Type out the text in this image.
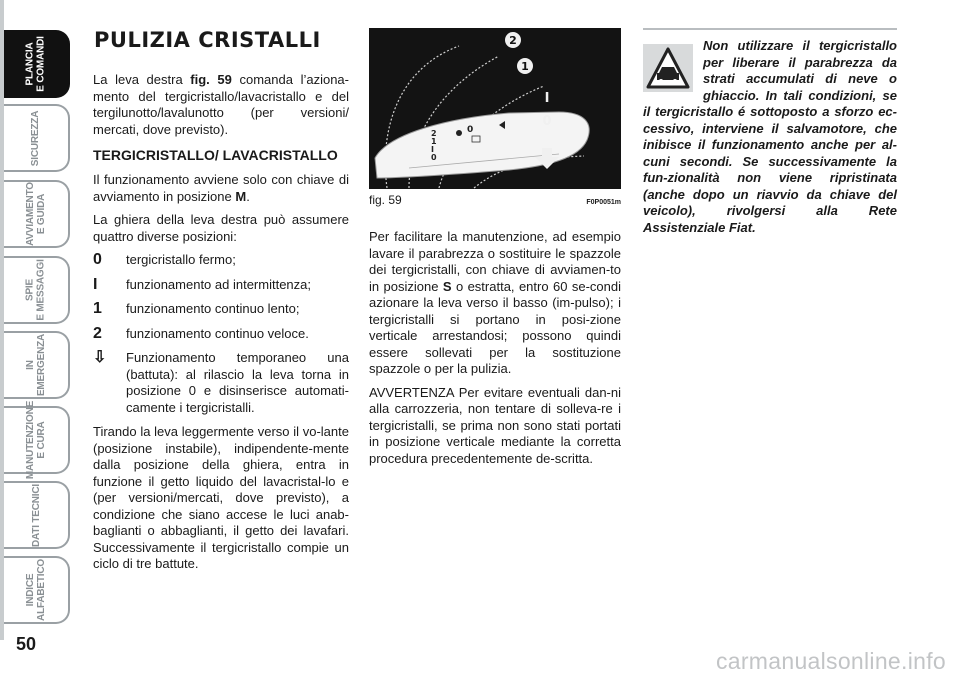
PLANCIA
E COMANDI
SICUREZZA
AVVIAMENTO
E GUIDA
SPIE
E MESSAGGI
IN
EMERGENZA
MANUTENZIONE
E CURA
DATI TECNICI
INDICE
ALFABETICO
50
PULIZIA CRISTALLI

La leva destra fig. 59 comanda l’aziona-mento del tergicristallo/lavacristallo e del tergilunotto/lavalunotto (per versioni/ mercati, dove previsto).

TERGICRISTALLO/ LAVACRISTALLO

Il funzionamento avviene solo con chiave di avviamento in posizione M.

La ghiera della leva destra può assumere quattro diverse posizioni:

0	tergicristallo fermo;
I	funzionamento ad intermittenza;
1	funzionamento continuo lento;
2	funzionamento continuo veloce.
⇩	Funzionamento temporaneo una (battuta): al rilascio la leva torna in posizione 0 e disinserisce automati-camente i tergicristalli.

Tirando la leva leggermente verso il vo-lante (posizione instabile), indipendente-mente dalla posizione della ghiera, entra in funzione il getto liquido del lavacristal-lo e (per versioni/mercati, dove previsto), a condizione che siano accese le luci anab-baglianti o abbaglianti, il getto dei lavafari. Successivamente il tergicristallo compie un ciclo di tre battute.

2
1
I
0
0
2
1
I
0
fig. 59	F0P0051m

Per facilitare la manutenzione, ad esempio lavare il parabrezza o sostituire le spazzole dei tergicristalli, con chiave di avviamen-to in posizione S o estratta, entro 60 se-condi azionare la leva verso il basso (im-pulso); i tergicristalli si portano in posi-zione verticale arrestandosi; possono quindi essere sollevati per la sostituzione spazzole o per la pulizia.

AVVERTENZA Per evitare eventuali dan-ni alla carrozzeria, non tentare di solleva-re i tergicristalli, se prima non sono stati portati in posizione verticale mediante la corretta procedura precedentemente de-scritta.

Non utilizzare il tergicristallo per liberare il parabrezza da strati accumulati di neve o ghiaccio. In tali condizioni, se il tergicristallo é sottoposto a sforzo ec-cessivo, interviene il salvamotore, che inibisce il funzionamento anche per al-cuni secondi. Se successivamente la fun-zionalità non viene ripristinata (anche dopo un riavvio da chiave del veicolo), rivolgersi alla Rete Assistenziale Fiat.
carmanualsonline.info
